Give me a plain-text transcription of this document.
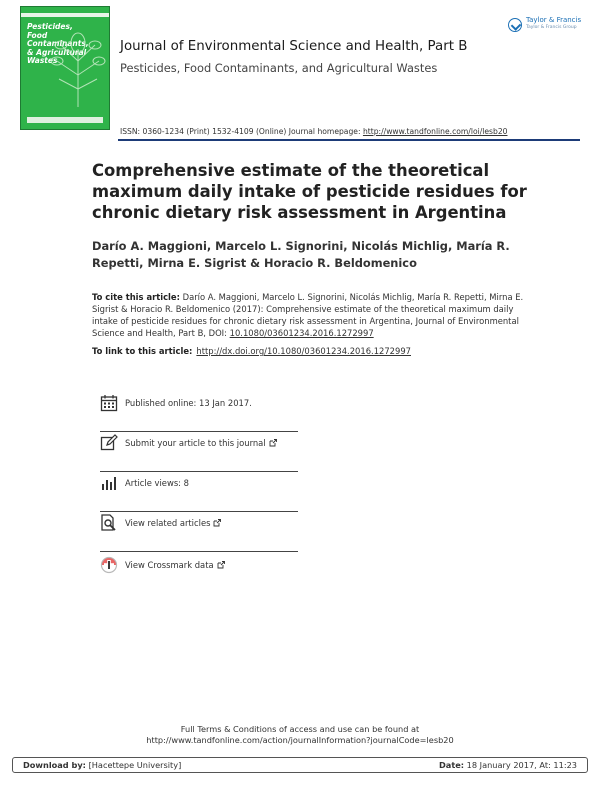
Pesticides,
Food Contaminants,
& Agricultural Wastes
Taylor & Francis
Taylor & Francis Group
Journal of Environmental Science and Health, Part B
Pesticides, Food Contaminants, and Agricultural Wastes
ISSN: 0360-1234 (Print) 1532-4109 (Online) Journal homepage: http://www.tandfonline.com/loi/lesb20
Comprehensive estimate of the theoretical maximum daily intake of pesticide residues for chronic dietary risk assessment in Argentina
Darío A. Maggioni, Marcelo L. Signorini, Nicolás Michlig, María R. Repetti, Mirna E. Sigrist & Horacio R. Beldomenico
To cite this article: Darío A. Maggioni, Marcelo L. Signorini, Nicolás Michlig, María R. Repetti, Mirna E. Sigrist & Horacio R. Beldomenico (2017): Comprehensive estimate of the theoretical maximum daily intake of pesticide residues for chronic dietary risk assessment in Argentina, Journal of Environmental Science and Health, Part B, DOI: 10.1080/03601234.2016.1272997
To link to this article: http://dx.doi.org/10.1080/03601234.2016.1272997
Published online: 13 Jan 2017.
Submit your article to this journal
Article views: 8
View related articles
View Crossmark data
Full Terms & Conditions of access and use can be found at
http://www.tandfonline.com/action/journalInformation?journalCode=lesb20
Download by: [Hacettepe University]	Date: 18 January 2017, At: 11:23
